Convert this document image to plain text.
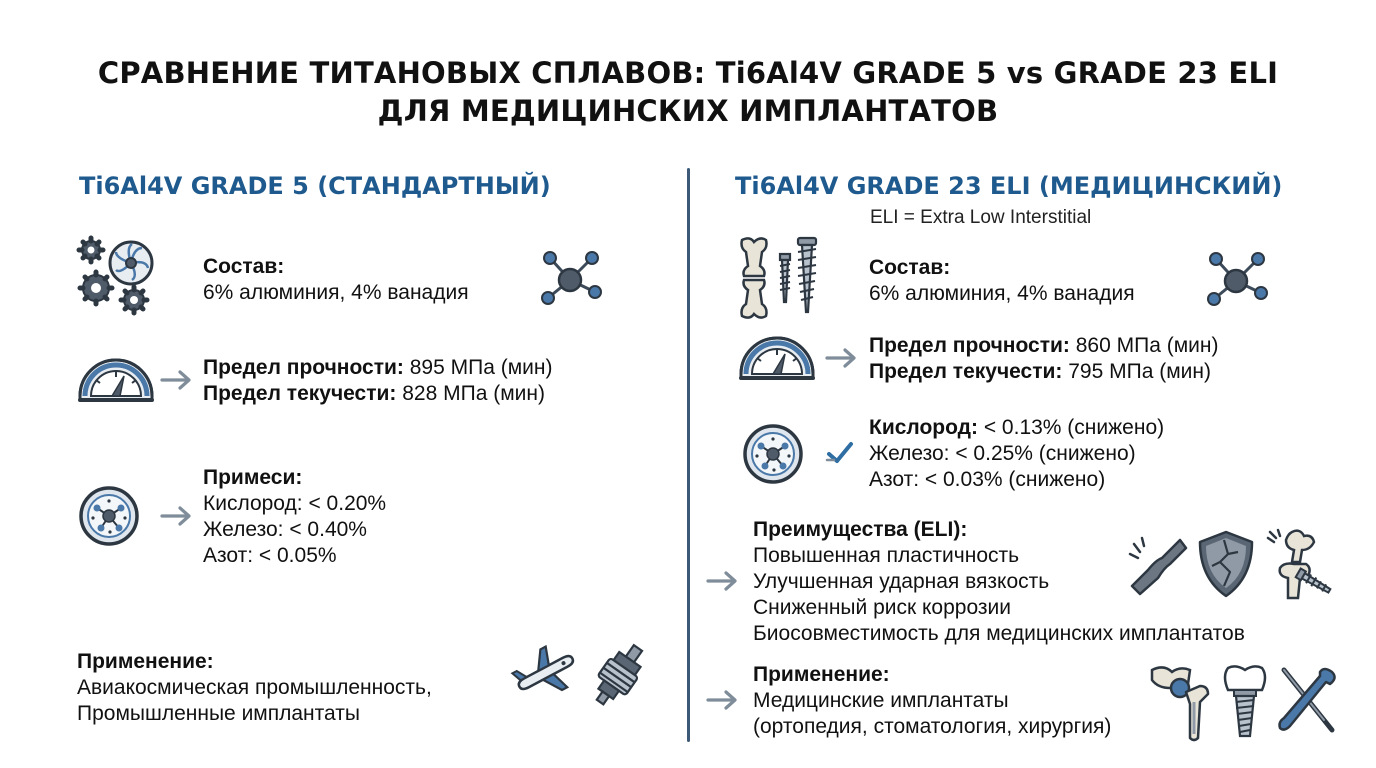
СРАВНЕНИЕ ТИТАНОВЫХ СПЛАВОВ: Ti6Al4V GRADE 5 vs GRADE 23 ELI
ДЛЯ МЕДИЦИНСКИХ ИМПЛАНТАТОВ
Ti6Al4V GRADE 5 (СТАНДАРТНЫЙ)
Состав:
6% алюминия, 4% ванадия
Предел прочности: 895 МПа (мин)
Предел текучести: 828 МПа (мин)
Примеси:
Кислород: < 0.20%
Железо: < 0.40%
Азот: < 0.05%
Применение:
Авиакосмическая промышленность,
Промышленные имплантаты
Ti6Al4V GRADE 23 ELI (МЕДИЦИНСКИЙ)
ELI = Extra Low Interstitial
Состав:
6% алюминия, 4% ванадия
Предел прочности: 860 МПа (мин)
Предел текучести: 795 МПа (мин)
Кислород: < 0.13% (снижено)
Железо: < 0.25% (снижено)
Азот: < 0.03% (снижено)
Преимущества (ELI):
Повышенная пластичность
Улучшенная ударная вязкость
Сниженный риск коррозии
Биосовместимость для медицинских имплантатов
Применение:
Медицинские имплантаты
(ортопедия, стоматология, хирургия)
